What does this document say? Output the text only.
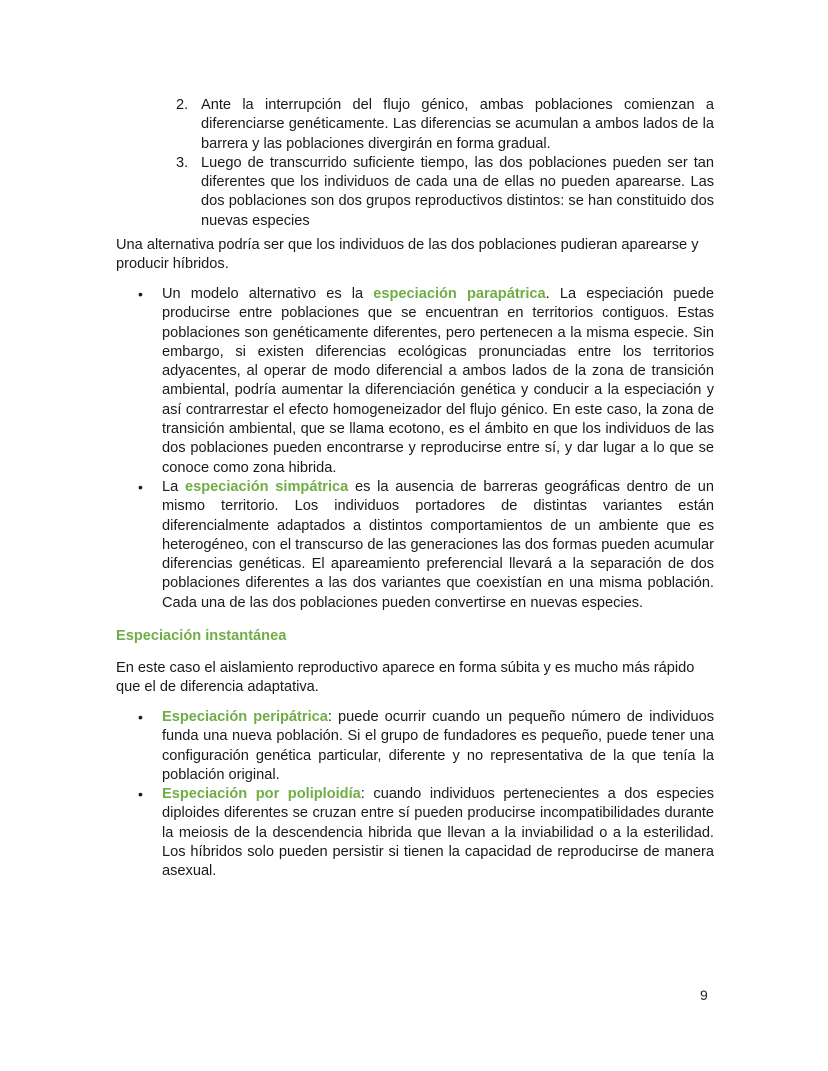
2. Ante la interrupción del flujo génico, ambas poblaciones comienzan a diferenciarse genéticamente. Las diferencias se acumulan a ambos lados de la barrera y las poblaciones divergirán en forma gradual.
3. Luego de transcurrido suficiente tiempo, las dos poblaciones pueden ser tan diferentes que los individuos de cada una de ellas no pueden aparearse. Las dos poblaciones son dos grupos reproductivos distintos: se han constituido dos nuevas especies

Una alternativa podría ser que los individuos de las dos poblaciones pudieran aparearse y producir híbridos.

• Un modelo alternativo es la especiación parapátrica. La especiación puede producirse entre poblaciones que se encuentran en territorios contiguos. Estas poblaciones son genéticamente diferentes, pero pertenecen a la misma especie. Sin embargo, si existen diferencias ecológicas pronunciadas entre los territorios adyacentes, al operar de modo diferencial a ambos lados de la zona de transición ambiental, podría aumentar la diferenciación genética y conducir a la especiación y así contrarrestar el efecto homogeneizador del flujo génico. En este caso, la zona de transición ambiental, que se llama ecotono, es el ámbito en que los individuos de las dos poblaciones pueden encontrarse y reproducirse entre sí, y dar lugar a lo que se conoce como zona hibrida.
• La especiación simpátrica es la ausencia de barreras geográficas dentro de un mismo territorio. Los individuos portadores de distintas variantes están diferencialmente adaptados a distintos comportamientos de un ambiente que es heterogéneo, con el transcurso de las generaciones las dos formas pueden acumular diferencias genéticas. El apareamiento preferencial llevará a la separación de dos poblaciones diferentes a las dos variantes que coexistían en una misma población. Cada una de las dos poblaciones pueden convertirse en nuevas especies.
Especiación instantánea

En este caso el aislamiento reproductivo aparece en forma súbita y es mucho más rápido que el de diferencia adaptativa.

• Especiación peripátrica: puede ocurrir cuando un pequeño número de individuos funda una nueva población. Si el grupo de fundadores es pequeño, puede tener una configuración genética particular, diferente y no representativa de la que tenía la población original.
• Especiación por poliploidía: cuando individuos pertenecientes a dos especies diploides diferentes se cruzan entre sí pueden producirse incompatibilidades durante la meiosis de la descendencia hibrida que llevan a la inviabilidad o a la esterilidad. Los híbridos solo pueden persistir si tienen la capacidad de reproducirse de manera asexual.
9
